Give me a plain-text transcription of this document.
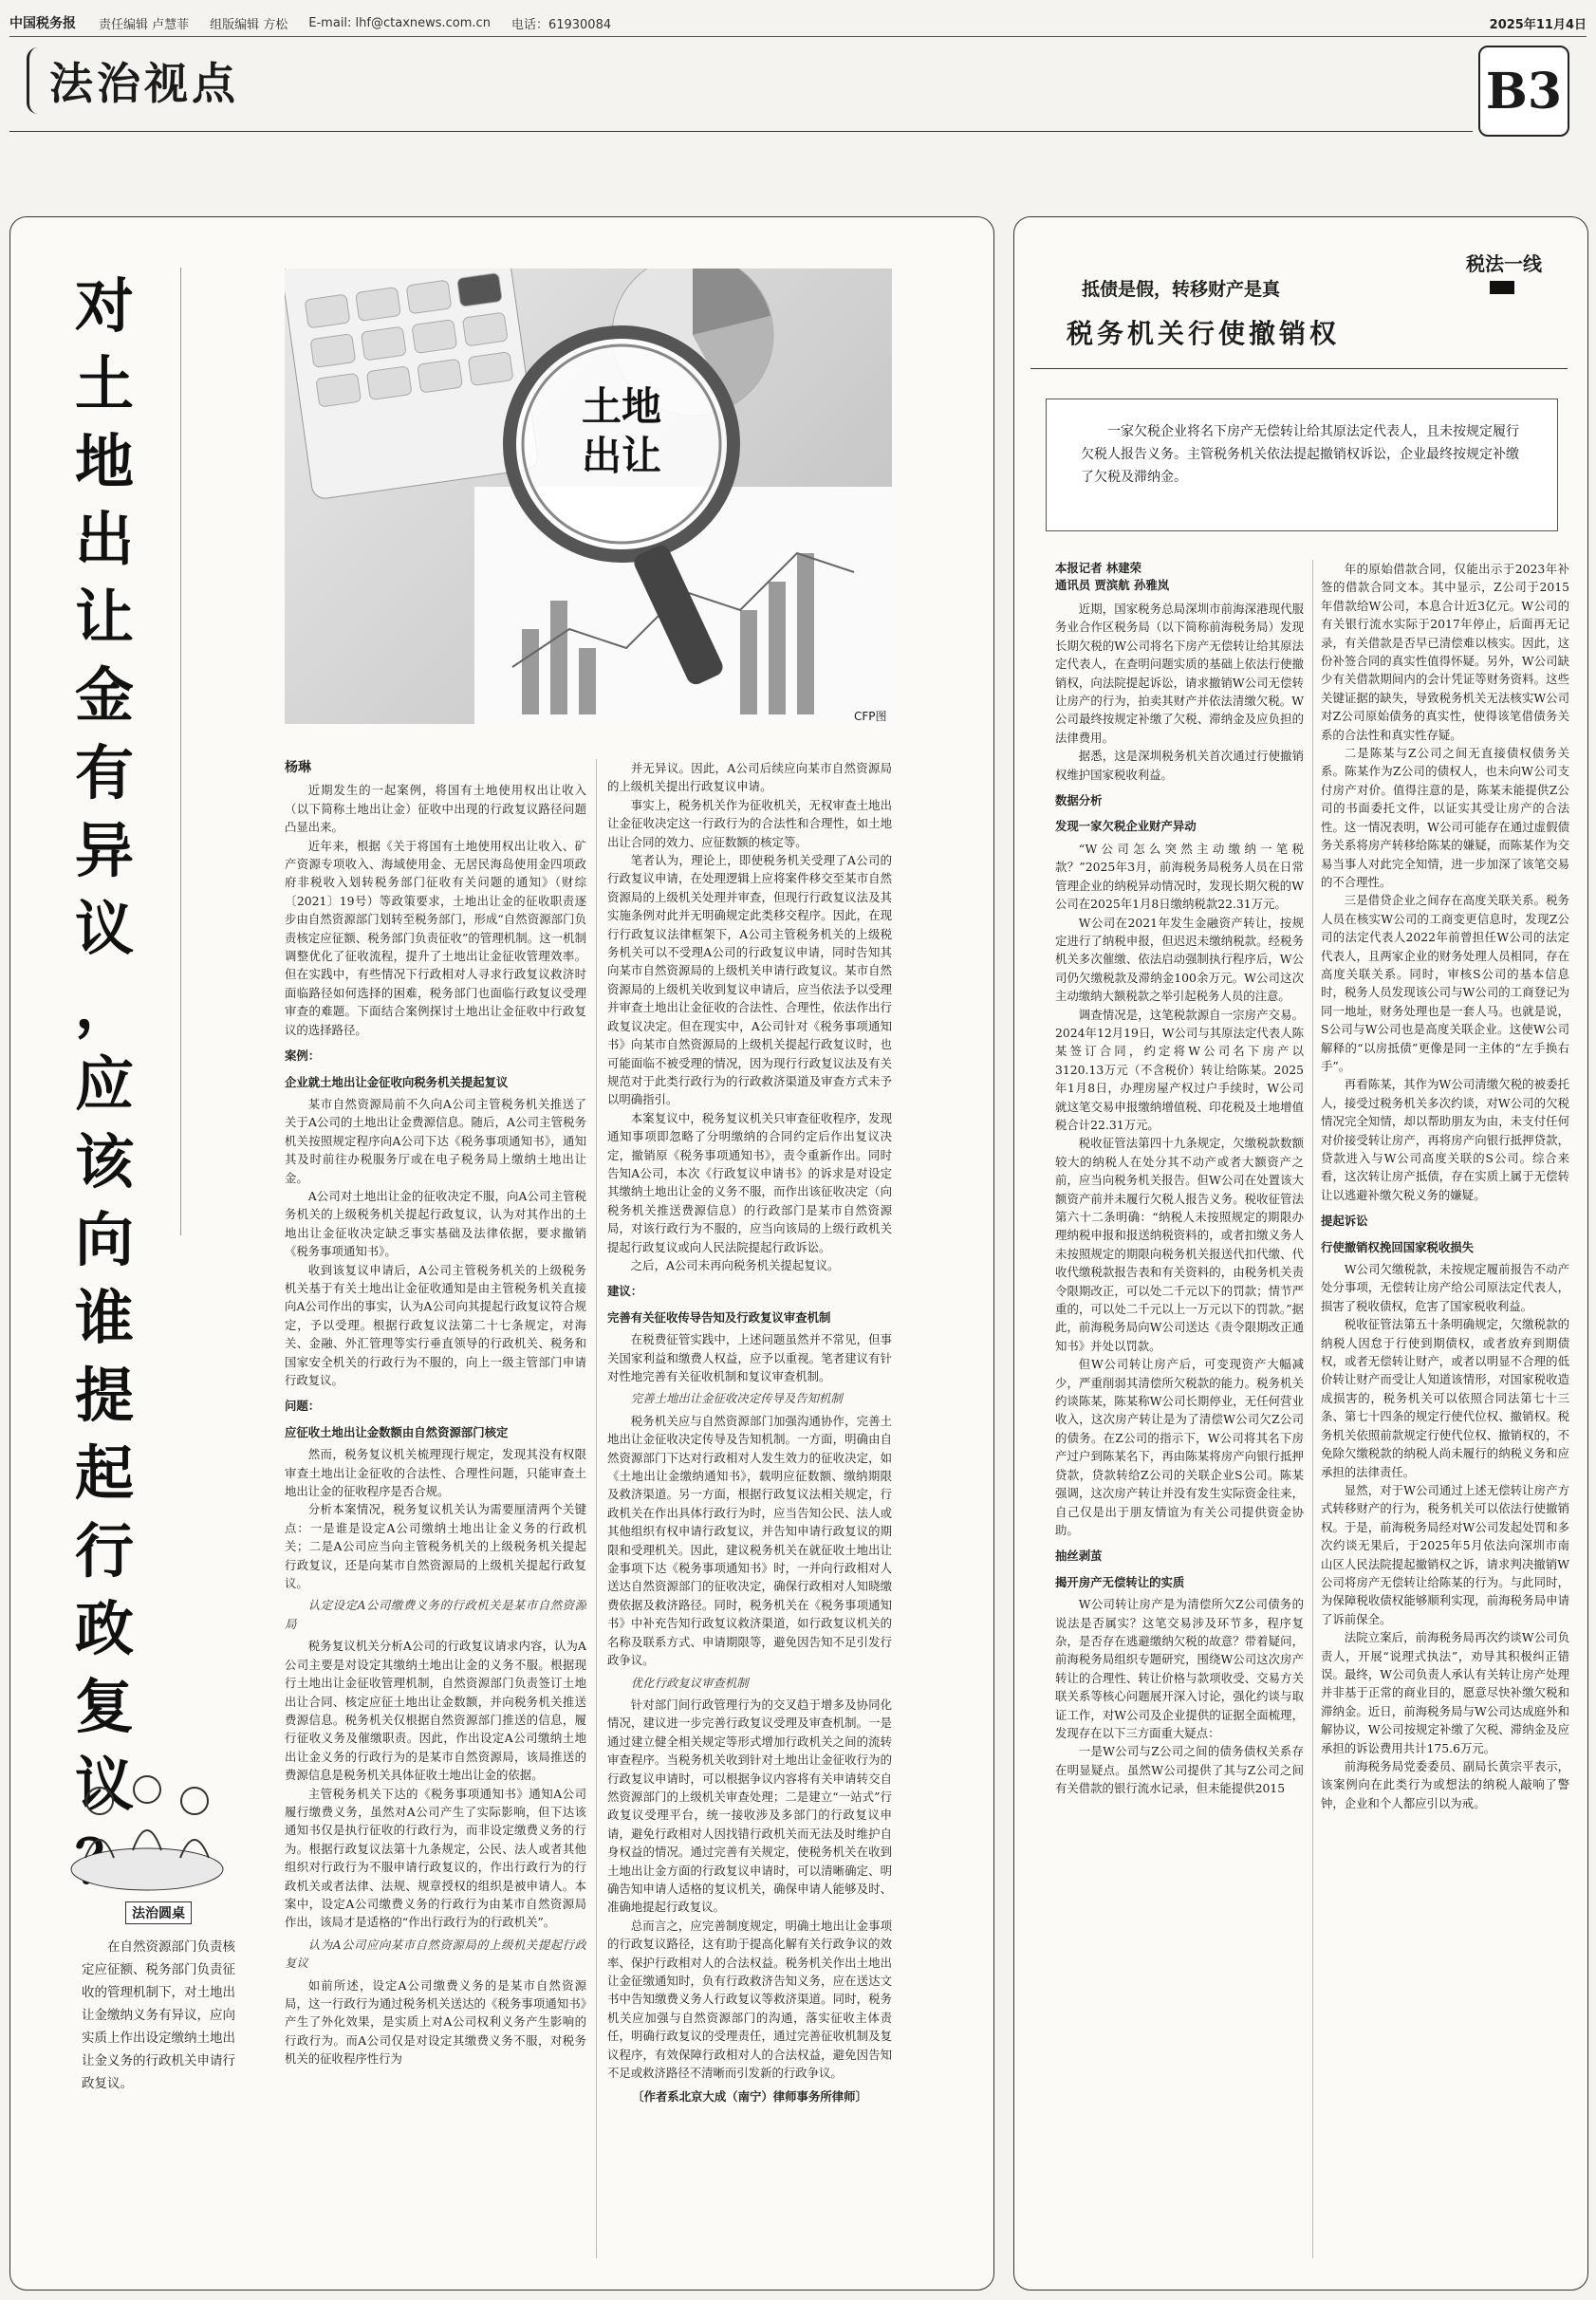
中国税务报 责任编辑 卢慧菲 组版编辑 方松 E-mail: lhf@ctaxnews.com.cn 电话：61930084	2025年11月4日
法治视点	B3
对
土
地
出
让
金
有
异
议
，
应
该
向
谁
提
起
行
政
复
议
土地
出让
CFP图
杨琳

近期发生的一起案例，将国有土地使用权出让收入（以下简称土地出让金）征收中出现的行政复议路径问题凸显出来。

近年来，根据《关于将国有土地使用权出让收入、矿产资源专项收入、海域使用金、无居民海岛使用金四项政府非税收入划转税务部门征收有关问题的通知》（财综〔2021〕19号）等政策要求，土地出让金的征收职责逐步由自然资源部门划转至税务部门，形成“自然资源部门负责核定应征额、税务部门负责征收”的管理机制。这一机制调整优化了征收流程，提升了土地出让金征收管理效率。但在实践中，有些情况下行政相对人寻求行政复议救济时面临路径如何选择的困难，税务部门也面临行政复议受理审查的难题。下面结合案例探讨土地出让金征收中行政复议的选择路径。

案例：

企业就土地出让金征收向税务机关提起复议

某市自然资源局前不久向A公司主管税务机关推送了关于A公司的土地出让金费源信息。随后，A公司主管税务机关按照规定程序向A公司下达《税务事项通知书》，通知其及时前往办税服务厅或在电子税务局上缴纳土地出让金。

A公司对土地出让金的征收决定不服，向A公司主管税务机关的上级税务机关提起行政复议，认为对其作出的土地出让金征收决定缺乏事实基础及法律依据，要求撤销《税务事项通知书》。

收到该复议申请后，A公司主管税务机关的上级税务机关基于有关土地出让金征收通知是由主管税务机关直接向A公司作出的事实，认为A公司向其提起行政复议符合规定，予以受理。根据行政复议法第二十七条规定，对海关、金融、外汇管理等实行垂直领导的行政机关、税务和国家安全机关的行政行为不服的，向上一级主管部门申请行政复议。

问题：

应征收土地出让金数额由自然资源部门核定

然而，税务复议机关梳理现行规定，发现其没有权限审查土地出让金征收的合法性、合理性问题，只能审查土地出让金的征收程序是否合规。

分析本案情况，税务复议机关认为需要厘清两个关键点：一是谁是设定A公司缴纳土地出让金义务的行政机关；二是A公司应当向主管税务机关的上级税务机关提起行政复议，还是向某市自然资源局的上级机关提起行政复议。

认定设定A公司缴费义务的行政机关是某市自然资源局

税务复议机关分析A公司的行政复议请求内容，认为A公司主要是对设定其缴纳土地出让金的义务不服。根据现行土地出让金征收管理机制，自然资源部门负责签订土地出让合同、核定应征土地出让金数额，并向税务机关推送费源信息。税务机关仅根据自然资源部门推送的信息，履行征收义务及催缴职责。因此，作出设定A公司缴纳土地出让金义务的行政行为的是某市自然资源局，该局推送的费源信息是税务机关具体征收土地出让金的依据。

主管税务机关下达的《税务事项通知书》通知A公司履行缴费义务，虽然对A公司产生了实际影响，但下达该通知书仅是执行征收的行政行为，而非设定缴费义务的行为。根据行政复议法第十九条规定，公民、法人或者其他组织对行政行为不服申请行政复议的，作出行政行为的行政机关或者法律、法规、规章授权的组织是被申请人。本案中，设定A公司缴费义务的行政行为由某市自然资源局作出，该局才是适格的“作出行政行为的行政机关”。

认为A公司应向某市自然资源局的上级机关提起行政复议

如前所述，设定A公司缴费义务的是某市自然资源局，这一行政行为通过税务机关送达的《税务事项通知书》产生了外化效果，是实质上对A公司权利义务产生影响的行政行为。而A公司仅是对设定其缴费义务不服，对税务机关的征收程序性行为

并无异议。因此，A公司后续应向某市自然资源局的上级机关提出行政复议申请。

事实上，税务机关作为征收机关，无权审查土地出让金征收决定这一行政行为的合法性和合理性，如土地出让合同的效力、应征数额的核定等。

笔者认为，理论上，即使税务机关受理了A公司的行政复议申请，在处理逻辑上应将案件移交至某市自然资源局的上级机关处理并审查，但现行行政复议法及其实施条例对此并无明确规定此类移交程序。因此，在现行行政复议法律框架下，A公司主管税务机关的上级税务机关可以不受理A公司的行政复议申请，同时告知其向某市自然资源局的上级机关申请行政复议。某市自然资源局的上级机关收到复议申请后，应当依法予以受理并审查土地出让金征收的合法性、合理性，依法作出行政复议决定。但在现实中，A公司针对《税务事项通知书》向某市自然资源局的上级机关提起行政复议时，也可能面临不被受理的情况，因为现行行政复议法及有关规范对于此类行政行为的行政救济渠道及审查方式未予以明确指引。

本案复议中，税务复议机关只审查征收程序，发现通知事项即忽略了分明缴纳的合同约定后作出复议决定，撤销原《税务事项通知书》，责令重新作出。同时告知A公司，本次《行政复议申请书》的诉求是对设定其缴纳土地出让金的义务不服，而作出该征收决定（向税务机关推送费源信息）的行政部门是某市自然资源局，对该行政行为不服的，应当向该局的上级行政机关提起行政复议或向人民法院提起行政诉讼。

之后，A公司未再向税务机关提起复议。

建议：

完善有关征收传导告知及行政复议审查机制

在税费征管实践中，上述问题虽然并不常见，但事关国家利益和缴费人权益，应予以重视。笔者建议有针对性地完善有关征收机制和复议审查机制。

完善土地出让金征收决定传导及告知机制

税务机关应与自然资源部门加强沟通协作，完善土地出让金征收决定传导及告知机制。一方面，明确由自然资源部门下达对行政相对人发生效力的征收决定，如《土地出让金缴纳通知书》，载明应征数额、缴纳期限及救济渠道。另一方面，根据行政复议法相关规定，行政机关在作出具体行政行为时，应当告知公民、法人或其他组织有权申请行政复议，并告知申请行政复议的期限和受理机关。因此，建议税务机关在就征收土地出让金事项下达《税务事项通知书》时，一并向行政相对人送达自然资源部门的征收决定，确保行政相对人知晓缴费依据及救济路径。同时，税务机关在《税务事项通知书》中补充告知行政复议救济渠道，如行政复议机关的名称及联系方式、申请期限等，避免因告知不足引发行政争议。

优化行政复议审查机制

针对部门间行政管理行为的交叉趋于增多及协同化情况，建议进一步完善行政复议受理及审查机制。一是通过建立健全相关规定等形式增加行政机关之间的流转审查程序。当税务机关收到针对土地出让金征收行为的行政复议申请时，可以根据争议内容将有关申请转交自然资源部门的上级机关审查处理；二是建立“一站式”行政复议受理平台，统一接收涉及多部门的行政复议申请，避免行政相对人因找错行政机关而无法及时维护自身权益的情况。通过完善有关规定，使税务机关在收到土地出让金方面的行政复议申请时，可以清晰确定、明确告知申请人适格的复议机关，确保申请人能够及时、准确地提起行政复议。

总而言之，应完善制度规定，明确土地出让金事项的行政复议路径，这有助于提高化解有关行政争议的效率、保护行政相对人的合法权益。税务机关作出土地出让金征缴通知时，负有行政救济告知义务，应在送达文书中告知缴费义务人行政复议等救济渠道。同时，税务机关应加强与自然资源部门的沟通，落实征收主体责任，明确行政复议的受理责任，通过完善征收机制及复议程序，有效保障行政相对人的合法权益，避免因告知不足或救济路径不清晰而引发新的行政争议。

〔作者系北京大成（南宁）律师事务所律师〕
法治圆桌
在自然资源部门负责核定应征额、税务部门负责征收的管理机制下，对土地出让金缴纳义务有异议，应向实质上作出设定缴纳土地出让金义务的行政机关申请行政复议。
税法一线
抵债是假，转移财产是真
税务机关行使撤销权
一家欠税企业将名下房产无偿转让给其原法定代表人，且未按规定履行欠税人报告义务。主管税务机关依法提起撤销权诉讼，企业最终按规定补缴了欠税及滞纳金。
本报记者 林建荣
通讯员 贾滨航 孙雅岚

近期，国家税务总局深圳市前海深港现代服务业合作区税务局（以下简称前海税务局）发现长期欠税的W公司将名下房产无偿转让给其原法定代表人，在查明问题实质的基础上依法行使撤销权，向法院提起诉讼，请求撤销W公司无偿转让房产的行为，拍卖其财产并依法清缴欠税。W公司最终按规定补缴了欠税、滞纳金及应负担的法律费用。

据悉，这是深圳税务机关首次通过行使撤销权维护国家税收利益。

数据分析

发现一家欠税企业财产异动

“W公司怎么突然主动缴纳一笔税款？”2025年3月，前海税务局税务人员在日常管理企业的纳税异动情况时，发现长期欠税的W公司在2025年1月8日缴纳税款22.31万元。

W公司在2021年发生金融资产转让，按规定进行了纳税申报，但迟迟未缴纳税款。经税务机关多次催缴、依法启动强制执行程序后，W公司仍欠缴税款及滞纳金100余万元。W公司这次主动缴纳大额税款之举引起税务人员的注意。

调查情况是，这笔税款源自一宗房产交易。2024年12月19日，W公司与其原法定代表人陈某签订合同，约定将W公司名下房产以3120.13万元（不含税价）转让给陈某。2025年1月8日，办理房屋产权过户手续时，W公司就这笔交易申报缴纳增值税、印花税及土地增值税合计22.31万元。

税收征管法第四十九条规定，欠缴税款数额较大的纳税人在处分其不动产或者大额资产之前，应当向税务机关报告。但W公司在处置该大额资产前并未履行欠税人报告义务。税收征管法第六十二条明确：“纳税人未按照规定的期限办理纳税申报和报送纳税资料的，或者扣缴义务人未按照规定的期限向税务机关报送代扣代缴、代收代缴税款报告表和有关资料的，由税务机关责令限期改正，可以处二千元以下的罚款；情节严重的，可以处二千元以上一万元以下的罚款。”据此，前海税务局向W公司送达《责令限期改正通知书》并处以罚款。

但W公司转让房产后，可变现资产大幅减少，严重削弱其清偿所欠税款的能力。税务机关约谈陈某，陈某称W公司长期停业，无任何营业收入，这次房产转让是为了清偿W公司欠Z公司的债务。在Z公司的指示下，W公司将其名下房产过户到陈某名下，再由陈某将房产向银行抵押贷款，贷款转给Z公司的关联企业S公司。陈某强调，这次房产转让并没有发生实际资金往来，自己仅是出于朋友情谊为有关公司提供资金协助。

抽丝剥茧

揭开房产无偿转让的实质

W公司转让房产是为清偿所欠Z公司债务的说法是否属实？这笔交易涉及环节多，程序复杂，是否存在逃避缴纳欠税的故意？带着疑问，前海税务局组织专题研究，围绕W公司这次房产转让的合理性、转让价格与款项收受、交易方关联关系等核心问题展开深入讨论，强化约谈与取证工作，对W公司及企业提供的证据全面梳理，发现存在以下三方面重大疑点：

一是W公司与Z公司之间的债务债权关系存在明显疑点。虽然W公司提供了其与Z公司之间有关借款的银行流水记录，但未能提供2015

年的原始借款合同，仅能出示于2023年补签的借款合同文本。其中显示，Z公司于2015年借款给W公司，本息合计近3亿元。W公司的有关银行流水实际于2017年停止，后面再无记录，有关借款是否早已清偿难以核实。因此，这份补签合同的真实性值得怀疑。另外，W公司缺少有关借款期间内的会计凭证等财务资料。这些关键证据的缺失，导致税务机关无法核实W公司对Z公司原始债务的真实性，使得该笔借债务关系的合法性和真实性存疑。

二是陈某与Z公司之间无直接债权债务关系。陈某作为Z公司的债权人，也未向W公司支付房产对价。值得注意的是，陈某未能提供Z公司的书面委托文件，以证实其受让房产的合法性。这一情况表明，W公司可能存在通过虚假债务关系将房产转移给陈某的嫌疑，而陈某作为交易当事人对此完全知情，进一步加深了该笔交易的不合理性。

三是借贷企业之间存在高度关联关系。税务人员在核实W公司的工商变更信息时，发现Z公司的法定代表人2022年前曾担任W公司的法定代表人，且两家企业的财务处理人员相同，存在高度关联关系。同时，审核S公司的基本信息时，税务人员发现该公司与W公司的工商登记为同一地址，财务处理也是一套人马。也就是说，S公司与W公司也是高度关联企业。这使W公司解释的“以房抵债”更像是同一主体的“左手换右手”。

再看陈某，其作为W公司清缴欠税的被委托人，接受过税务机关多次约谈，对W公司的欠税情况完全知情，却以帮助朋友为由，未支付任何对价接受转让房产，再将房产向银行抵押贷款，贷款进入与W公司高度关联的S公司。综合来看，这次转让房产抵债，存在实质上属于无偿转让以逃避补缴欠税义务的嫌疑。

提起诉讼

行使撤销权挽回国家税收损失

W公司欠缴税款，未按规定履前报告不动产处分事项，无偿转让房产给公司原法定代表人，损害了税收债权，危害了国家税收利益。

税收征管法第五十条明确规定，欠缴税款的纳税人因怠于行使到期债权，或者放弃到期债权，或者无偿转让财产，或者以明显不合理的低价转让财产而受让人知道该情形，对国家税收造成损害的，税务机关可以依照合同法第七十三条、第七十四条的规定行使代位权、撤销权。税务机关依照前款规定行使代位权、撤销权的，不免除欠缴税款的纳税人尚未履行的纳税义务和应承担的法律责任。

显然，对于W公司通过上述无偿转让房产方式转移财产的行为，税务机关可以依法行使撤销权。于是，前海税务局经对W公司发起处罚和多次约谈无果后，于2025年5月依法向深圳市南山区人民法院提起撤销权之诉，请求判决撤销W公司将房产无偿转让给陈某的行为。与此同时，为保障税收债权能够顺利实现，前海税务局申请了诉前保全。

法院立案后，前海税务局再次约谈W公司负责人，开展“说理式执法”，劝导其积极纠正错误。最终，W公司负责人承认有关转让房产处理并非基于正常的商业目的，愿意尽快补缴欠税和滞纳金。近日，前海税务局与W公司达成庭外和解协议，W公司按规定补缴了欠税、滞纳金及应承担的诉讼费用共计175.6万元。

前海税务局党委委员、副局长黄宗平表示，该案例向在此类行为或想法的纳税人敲响了警钟，企业和个人都应引以为戒。
